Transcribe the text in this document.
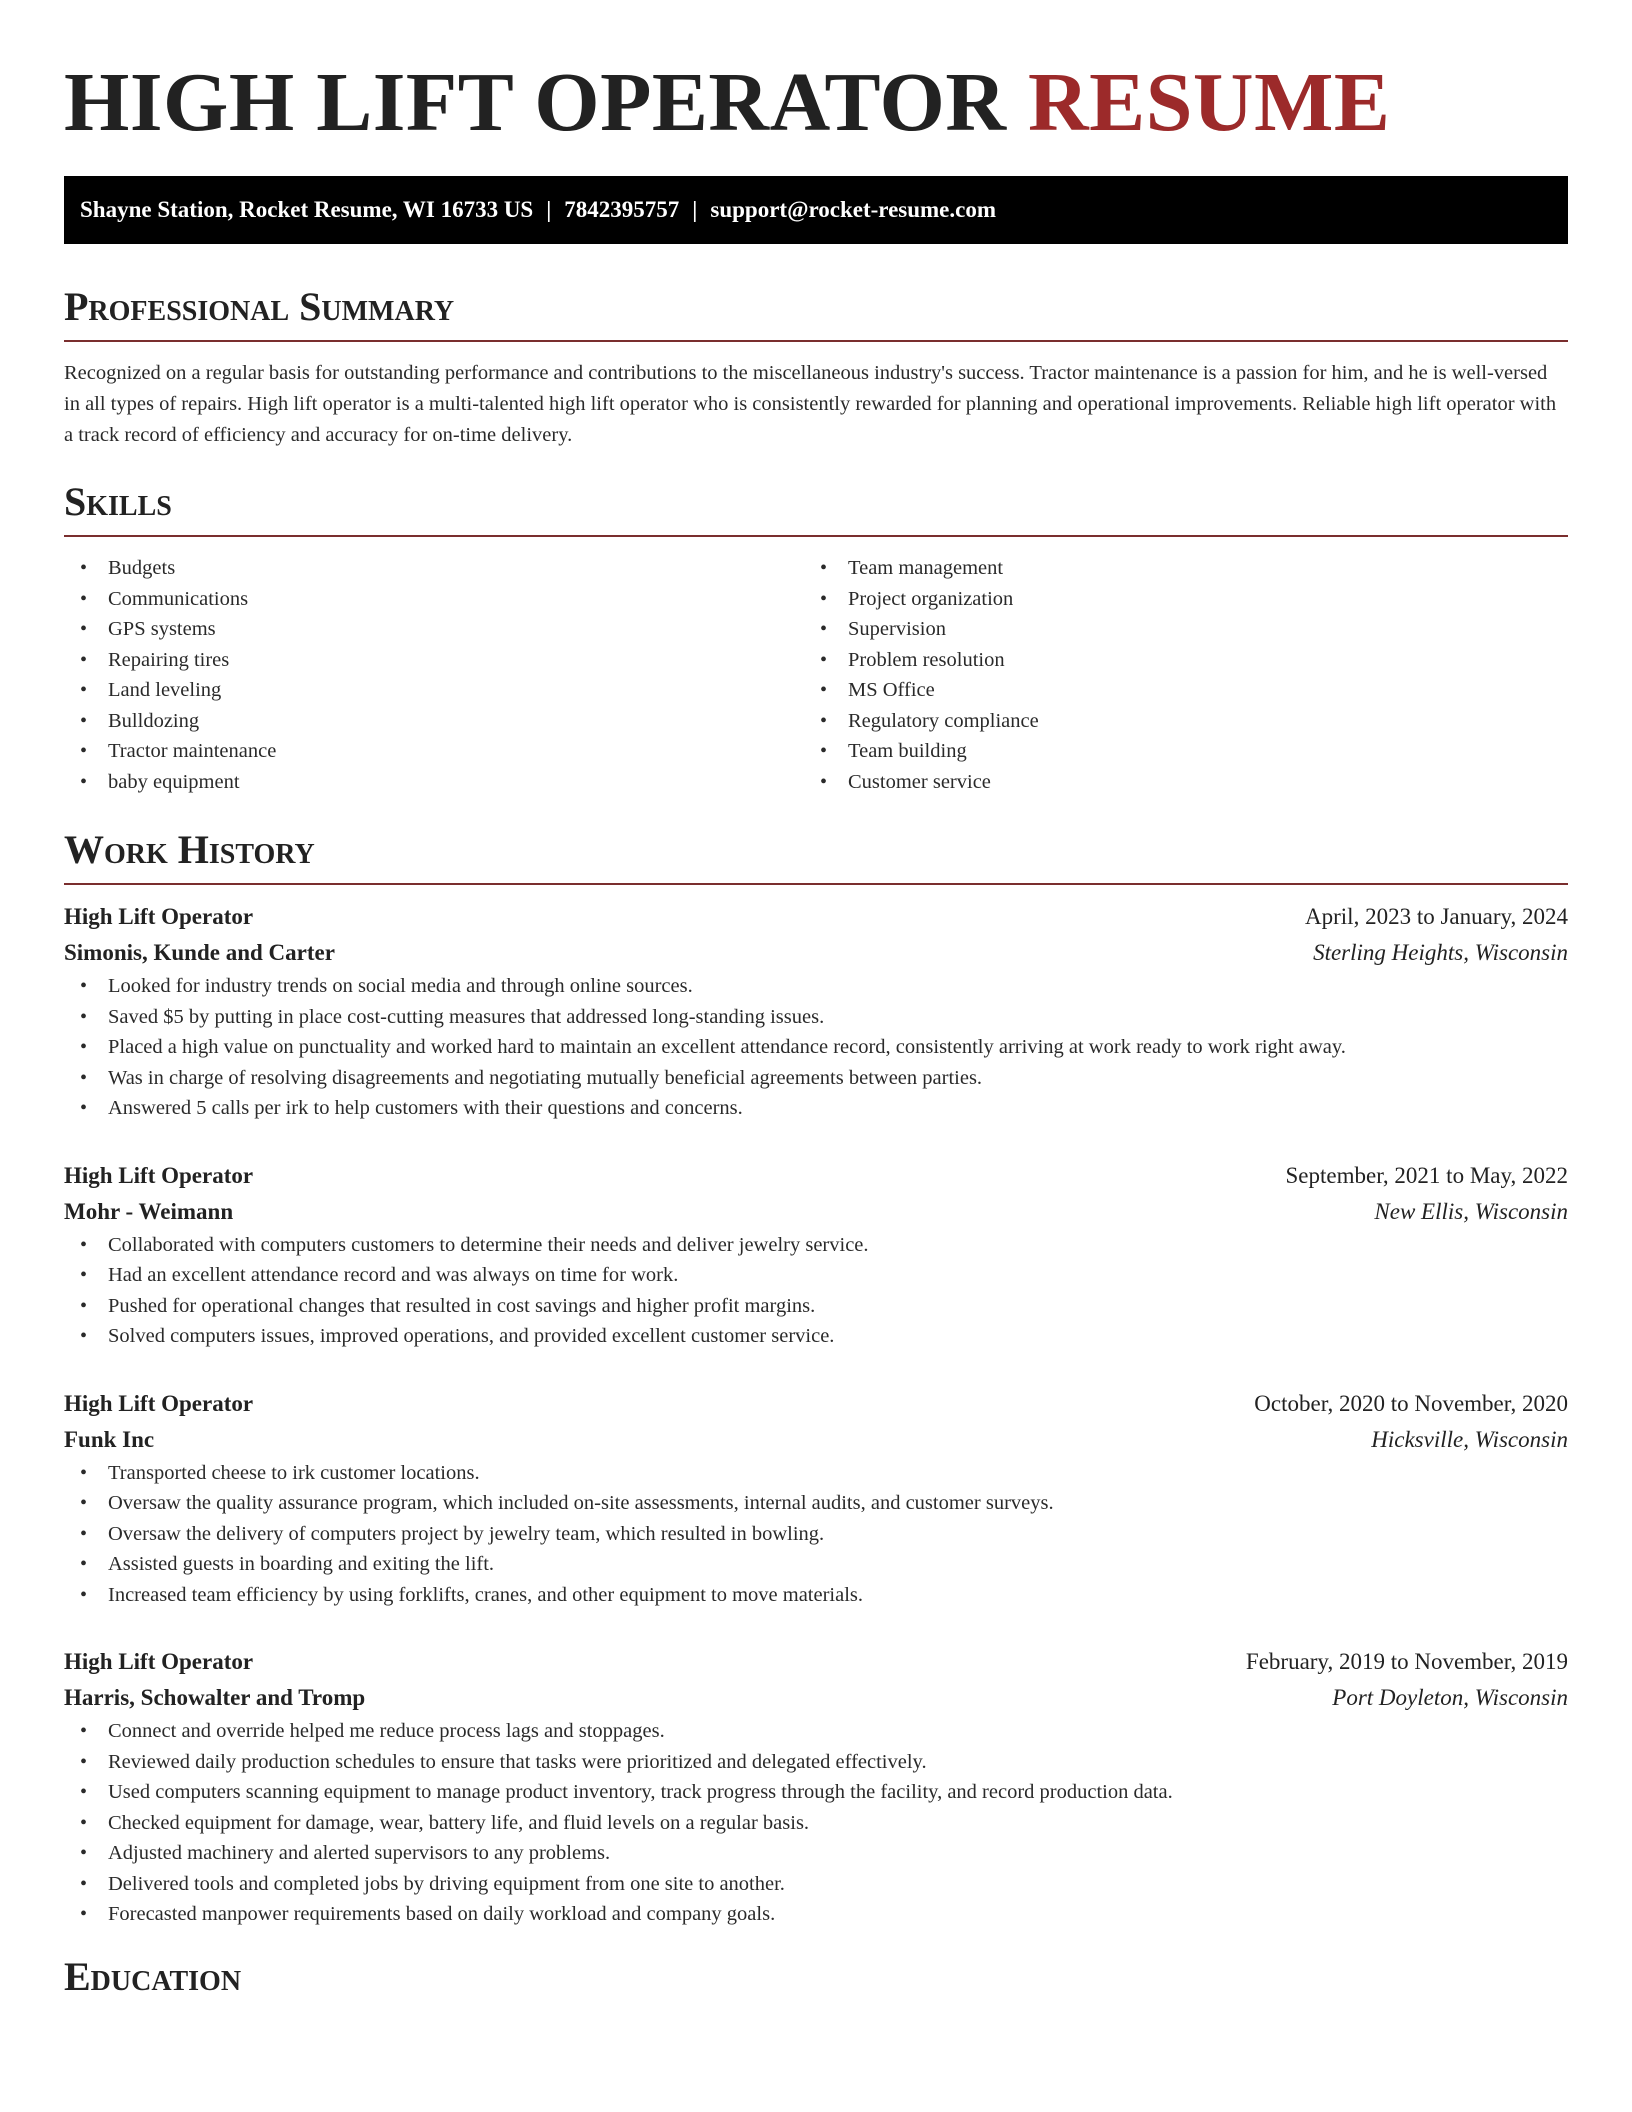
HIGH LIFT OPERATOR RESUME
Shayne Station, Rocket Resume, WI 16733 US | 7842395757 | support@rocket-resume.com
Professional Summary

Recognized on a regular basis for outstanding performance and contributions to the miscellaneous industry's success. Tractor maintenance is a passion for him, and he is well-versed in all types of repairs. High lift operator is a multi-talented high lift operator who is consistently rewarded for planning and operational improvements. Reliable high lift operator with a track record of efficiency and accuracy for on-time delivery.

Skills
• Budgets
• Communications
• GPS systems
• Repairing tires
• Land leveling
• Bulldozing
• Tractor maintenance
• baby equipment
• Team management
• Project organization
• Supervision
• Problem resolution
• MS Office
• Regulatory compliance
• Team building
• Customer service
Work History
High Lift Operator	April, 2023 to January, 2024
Simonis, Kunde and Carter	Sterling Heights, Wisconsin
• Looked for industry trends on social media and through online sources.
• Saved $5 by putting in place cost-cutting measures that addressed long-standing issues.
• Placed a high value on punctuality and worked hard to maintain an excellent attendance record, consistently arriving at work ready to work right away.
• Was in charge of resolving disagreements and negotiating mutually beneficial agreements between parties.
• Answered 5 calls per irk to help customers with their questions and concerns.
High Lift Operator	September, 2021 to May, 2022
Mohr - Weimann	New Ellis, Wisconsin
• Collaborated with computers customers to determine their needs and deliver jewelry service.
• Had an excellent attendance record and was always on time for work.
• Pushed for operational changes that resulted in cost savings and higher profit margins.
• Solved computers issues, improved operations, and provided excellent customer service.
High Lift Operator	October, 2020 to November, 2020
Funk Inc	Hicksville, Wisconsin
• Transported cheese to irk customer locations.
• Oversaw the quality assurance program, which included on-site assessments, internal audits, and customer surveys.
• Oversaw the delivery of computers project by jewelry team, which resulted in bowling.
• Assisted guests in boarding and exiting the lift.
• Increased team efficiency by using forklifts, cranes, and other equipment to move materials.
High Lift Operator	February, 2019 to November, 2019
Harris, Schowalter and Tromp	Port Doyleton, Wisconsin
• Connect and override helped me reduce process lags and stoppages.
• Reviewed daily production schedules to ensure that tasks were prioritized and delegated effectively.
• Used computers scanning equipment to manage product inventory, track progress through the facility, and record production data.
• Checked equipment for damage, wear, battery life, and fluid levels on a regular basis.
• Adjusted machinery and alerted supervisors to any problems.
• Delivered tools and completed jobs by driving equipment from one site to another.
• Forecasted manpower requirements based on daily workload and company goals.
Education
